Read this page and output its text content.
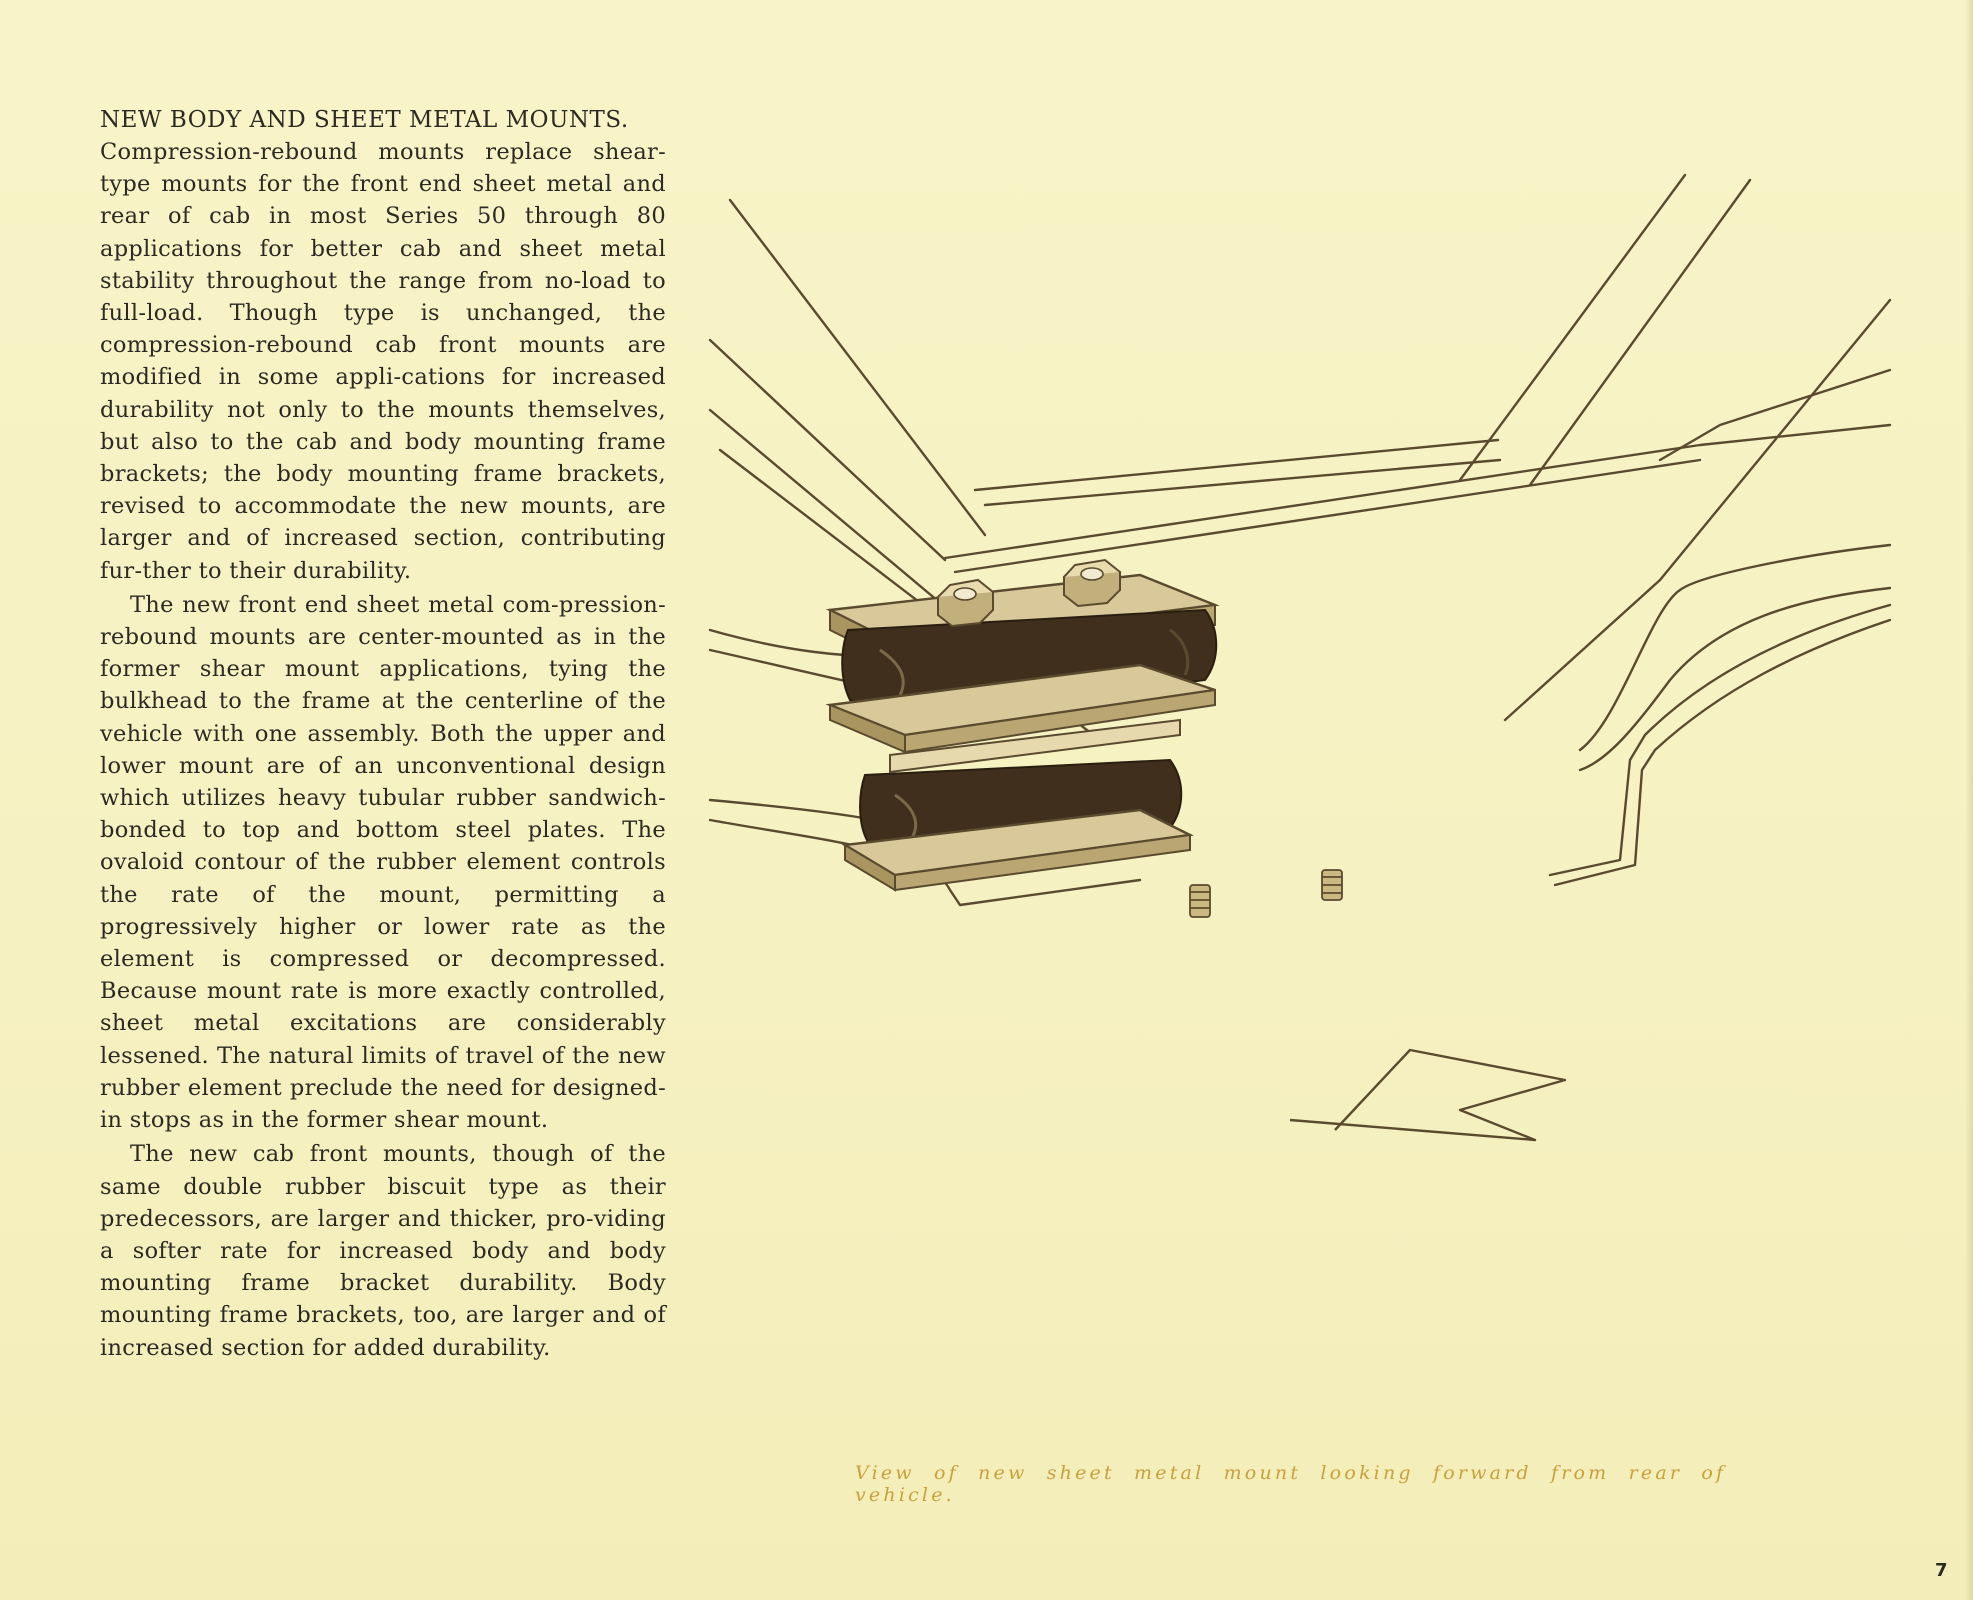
NEW BODY AND SHEET METAL MOUNTS.

Compression-rebound mounts replace shear-type mounts for the front end sheet metal and rear of cab in most Series 50 through 80 applications for better cab and sheet metal stability throughout the range from no-load to full-load. Though type is unchanged, the compression-rebound cab front mounts are modified in some appli-cations for increased durability not only to the mounts themselves, but also to the cab and body mounting frame brackets; the body mounting frame brackets, revised to accommodate the new mounts, are larger and of increased section, contributing fur-ther to their durability.

The new front end sheet metal com-pression-rebound mounts are center-mounted as in the former shear mount applications, tying the bulkhead to the frame at the centerline of the vehicle with one assembly. Both the upper and lower mount are of an unconventional design which utilizes heavy tubular rubber sandwich-bonded to top and bottom steel plates. The ovaloid contour of the rubber element controls the rate of the mount, permitting a progressively higher or lower rate as the element is compressed or decompressed. Because mount rate is more exactly controlled, sheet metal excitations are considerably lessened. The natural limits of travel of the new rubber element preclude the need for designed-in stops as in the former shear mount.

The new cab front mounts, though of the same double rubber biscuit type as their predecessors, are larger and thicker, pro-viding a softer rate for increased body and body mounting frame bracket durability. Body mounting frame brackets, too, are larger and of increased section for added durability.

View of new sheet metal mount looking forward from rear of vehicle.
7
